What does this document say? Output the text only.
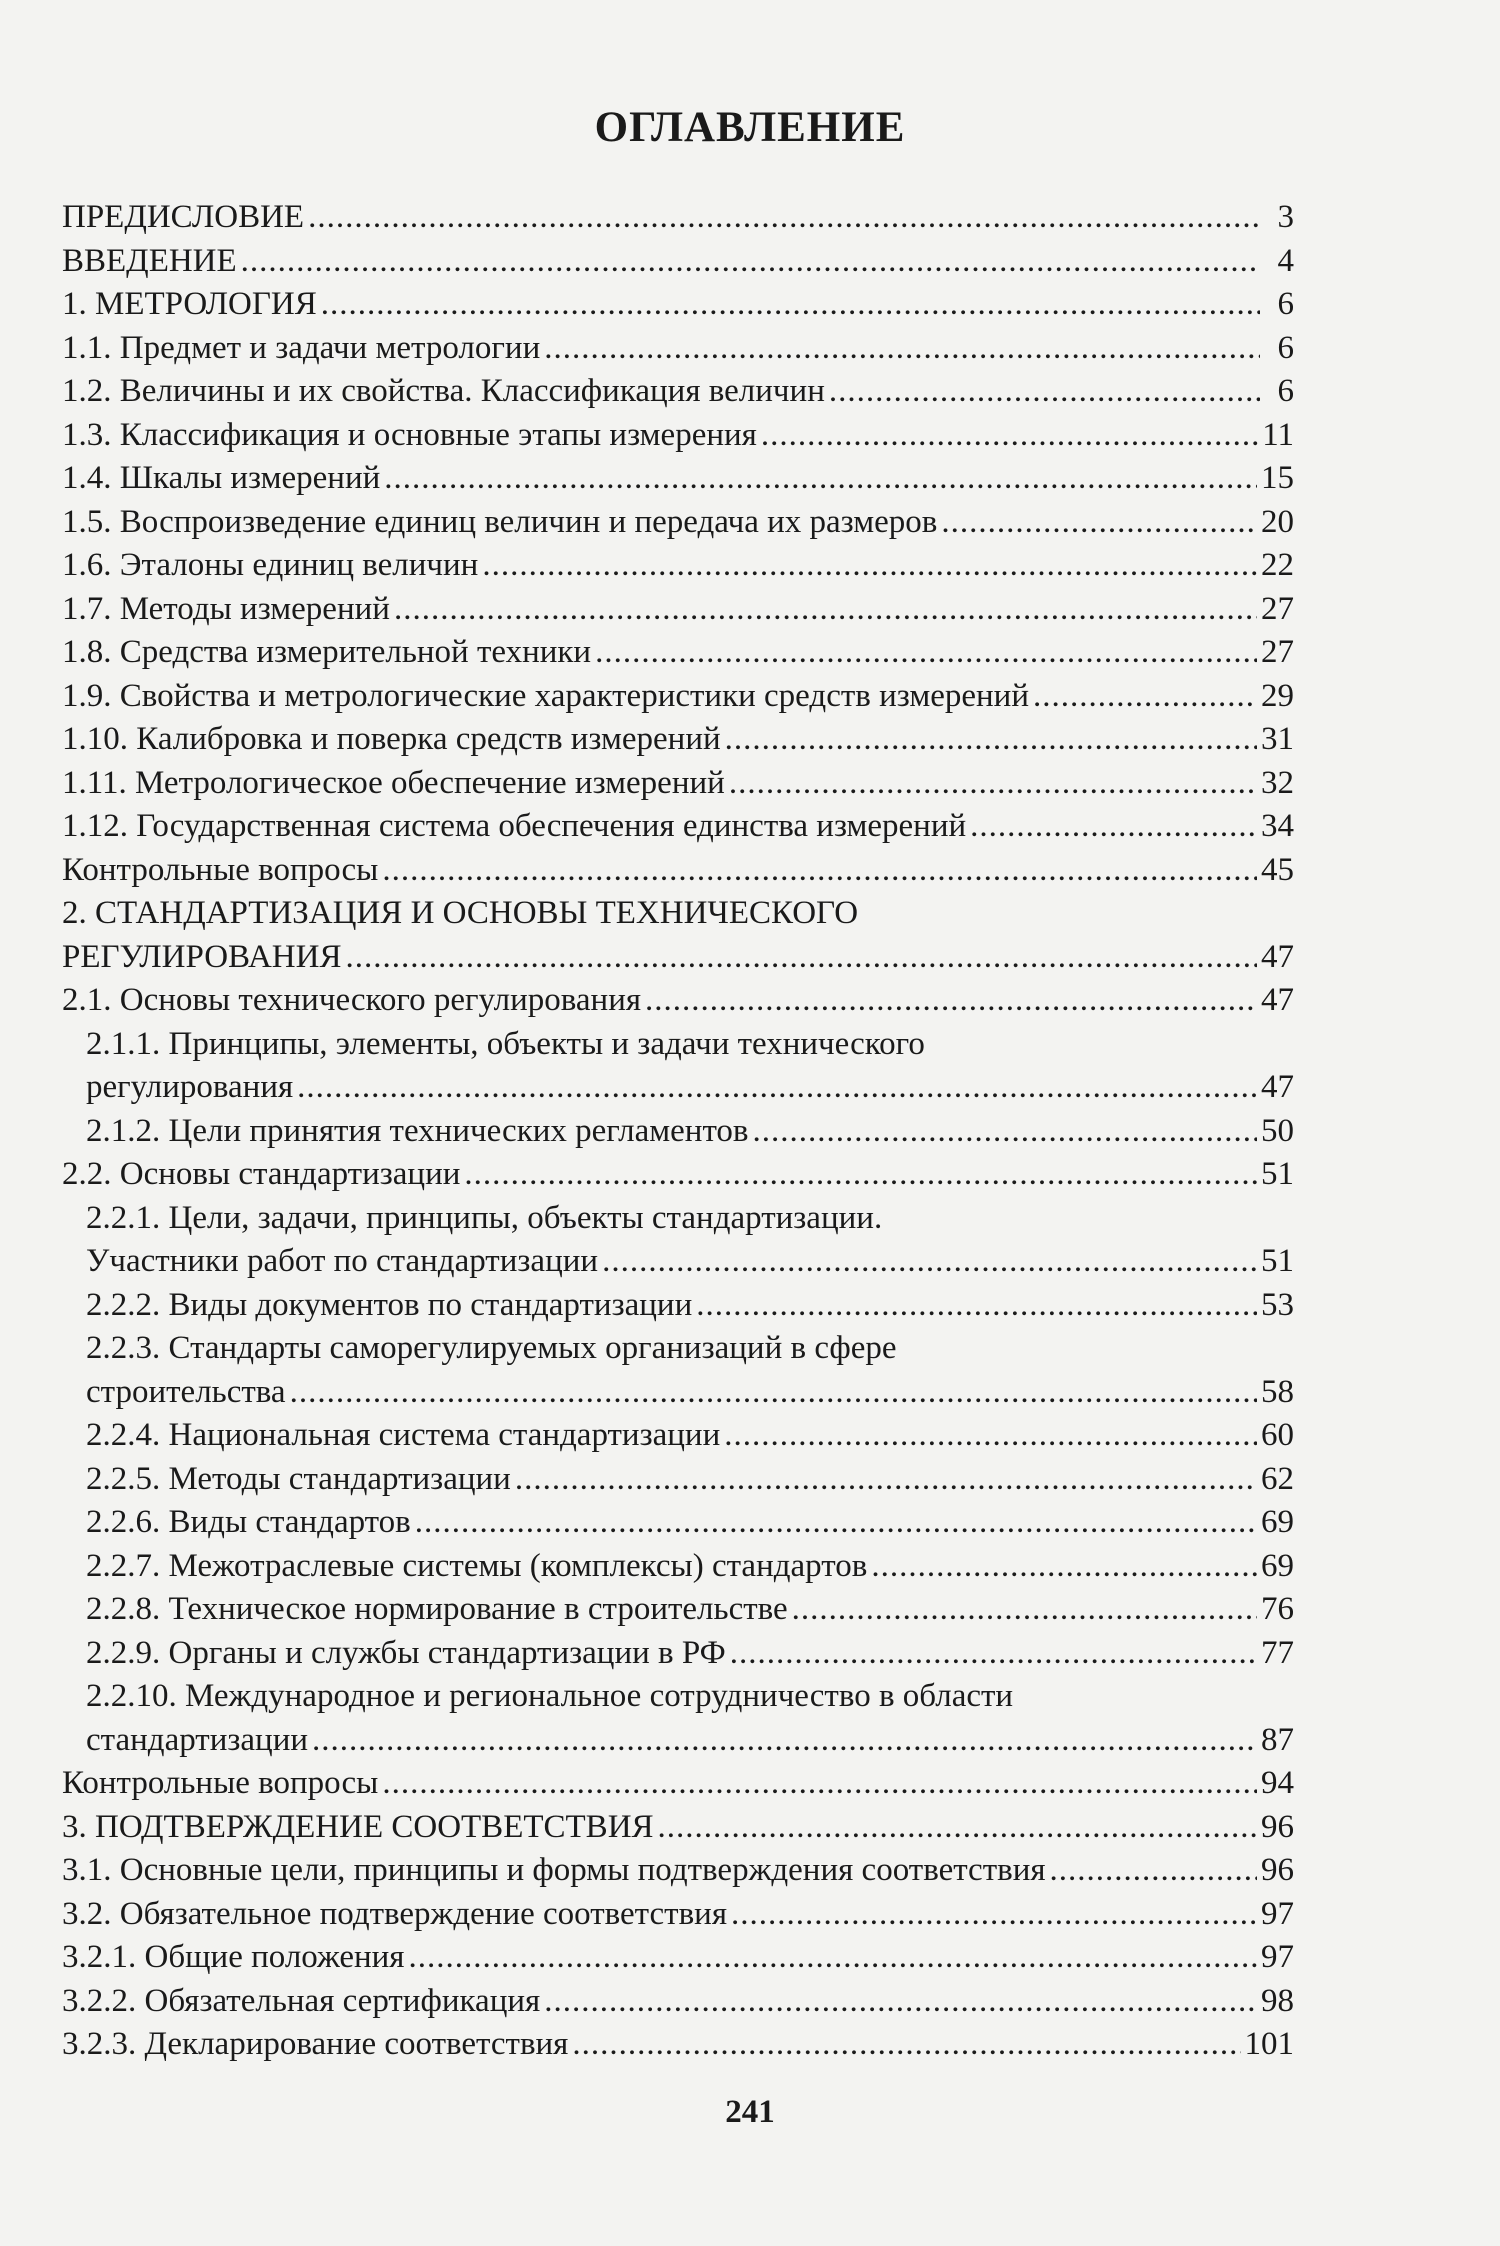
ОГЛАВЛЕНИЕ
ПРЕДИСЛОВИЕ .....	3
ВВЕДЕНИЕ .....	4
1. МЕТРОЛОГИЯ .....	6
1.1. Предмет и задачи метрологии .....	6
1.2. Величины и их свойства. Классификация величин .....	6
1.3. Классификация и основные этапы измерения .....	11
1.4. Шкалы измерений .....	15
1.5. Воспроизведение единиц величин и передача их размеров .....	20
1.6. Эталоны единиц величин .....	22
1.7. Методы измерений .....	27
1.8. Средства измерительной техники .....	27
1.9. Свойства и метрологические характеристики средств измерений .....	29
1.10. Калибровка и поверка средств измерений .....	31
1.11. Метрологическое обеспечение измерений .....	32
1.12. Государственная система обеспечения единства измерений .....	34
Контрольные вопросы .....	45
2. СТАНДАРТИЗАЦИЯ И ОСНОВЫ ТЕХНИЧЕСКОГО
РЕГУЛИРОВАНИЯ .....	47
2.1. Основы технического регулирования .....	47
2.1.1. Принципы, элементы, объекты и задачи технического
регулирования .....	47
2.1.2. Цели принятия технических регламентов .....	50
2.2. Основы стандартизации .....	51
2.2.1. Цели, задачи, принципы, объекты стандартизации.
Участники работ по стандартизации .....	51
2.2.2. Виды документов по стандартизации .....	53
2.2.3. Стандарты саморегулируемых организаций в сфере
строительства .....	58
2.2.4. Национальная система стандартизации .....	60
2.2.5. Методы стандартизации .....	62
2.2.6. Виды стандартов .....	69
2.2.7. Межотраслевые системы (комплексы) стандартов .....	69
2.2.8. Техническое нормирование в строительстве .....	76
2.2.9. Органы и службы стандартизации в РФ .....	77
2.2.10. Международное и региональное сотрудничество в области
стандартизации .....	87
Контрольные вопросы .....	94
3. ПОДТВЕРЖДЕНИЕ СООТВЕТСТВИЯ .....	96
3.1. Основные цели, принципы и формы подтверждения соответствия .....	96
3.2. Обязательное подтверждение соответствия .....	97
3.2.1. Общие положения .....	97
3.2.2. Обязательная сертификация .....	98
3.2.3. Декларирование соответствия .....	101
241
